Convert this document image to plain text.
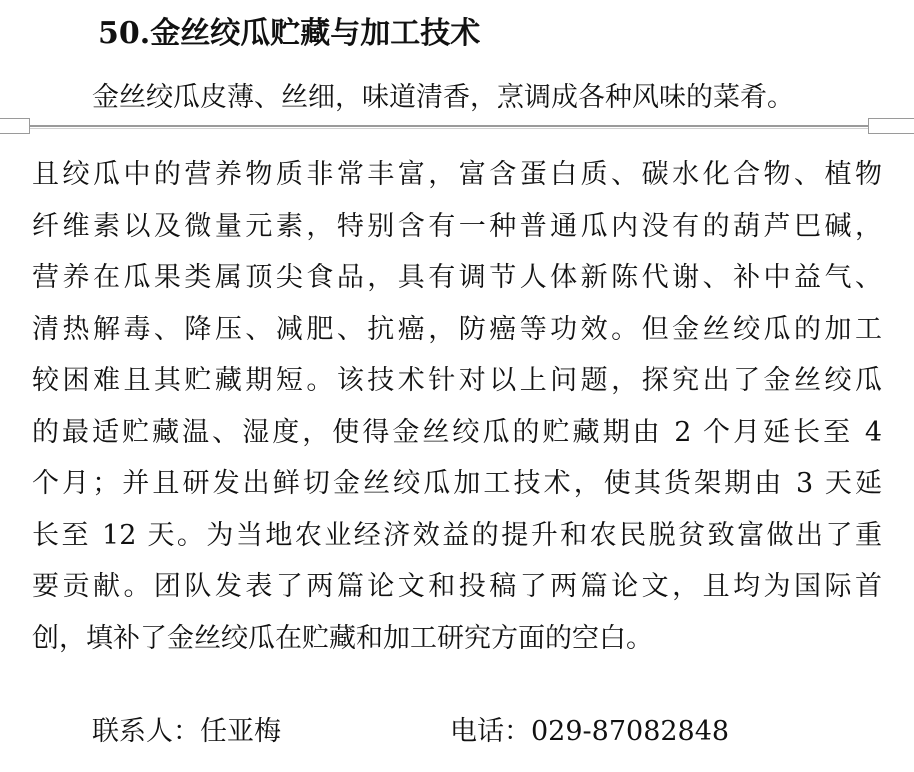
50.金丝绞瓜贮藏与加工技术
金丝绞瓜皮薄、丝细，味道清香，烹调成各种风味的菜肴。
且绞瓜中的营养物质非常丰富，富含蛋白质、碳水化合物、植物
纤维素以及微量元素，特别含有一种普通瓜内没有的葫芦巴碱，
营养在瓜果类属顶尖食品，具有调节人体新陈代谢、补中益气、
清热解毒、降压、减肥、抗癌，防癌等功效。但金丝绞瓜的加工
较困难且其贮藏期短。该技术针对以上问题，探究出了金丝绞瓜
的最适贮藏温、湿度，使得金丝绞瓜的贮藏期由 2 个月延长至 4
个月；并且研发出鲜切金丝绞瓜加工技术，使其货架期由 3 天延
长至 12 天。为当地农业经济效益的提升和农民脱贫致富做出了重
要贡献。团队发表了两篇论文和投稿了两篇论文，且均为国际首
创，填补了金丝绞瓜在贮藏和加工研究方面的空白。
联系人：任亚梅	电话：029-87082848
